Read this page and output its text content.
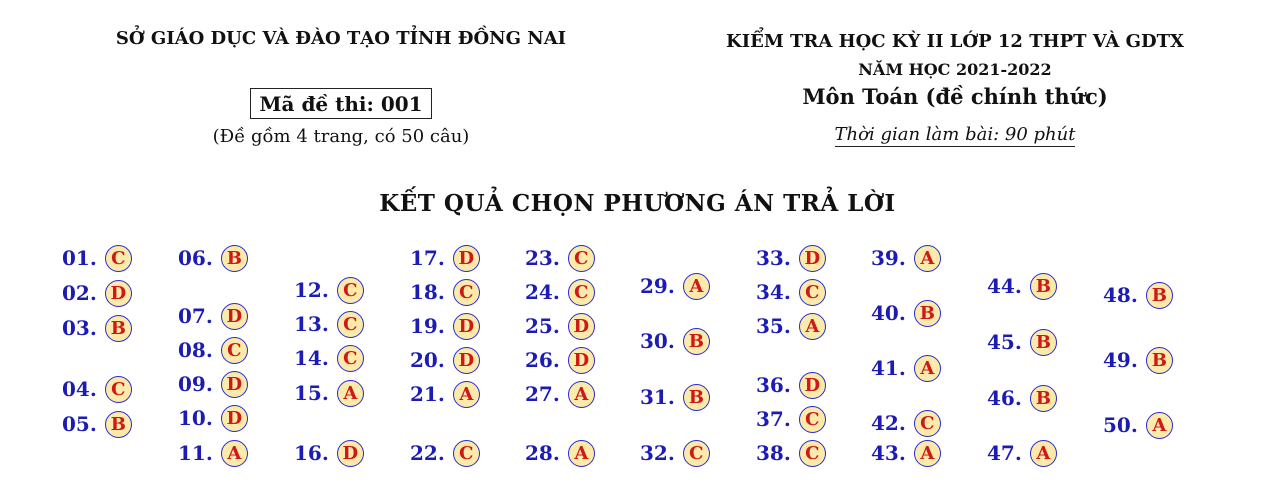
SỞ GIÁO DỤC VÀ ĐÀO TẠO TỈNH ĐỒNG NAI
Mã đề thi: 001
(Đề gồm 4 trang, có 50 câu)
KIỂM TRA HỌC KỲ II LỚP 12 THPT VÀ GDTX
NĂM HỌC 2021-2022
Môn Toán (đề chính thức)
Thời gian làm bài: 90 phút
KẾT QUẢ CHỌN PHƯƠNG ÁN TRẢ LỜI
01. C
02. D
03. B
04. C
05. B
06. B
07. D
08. C
09. D
10. D
11. A
12. C
13. C
14. C
15. A
16. D
17. D
18. C
19. D
20. D
21. A
22. C
23. C
24. C
25. D
26. D
27. A
28. A
29. A
30. B
31. B
32. C
33. D
34. C
35. A
36. D
37. C
38. C
39. A
40. B
41. A
42. C
43. A
44. B
45. B
46. B
47. A
48. B
49. B
50. A
